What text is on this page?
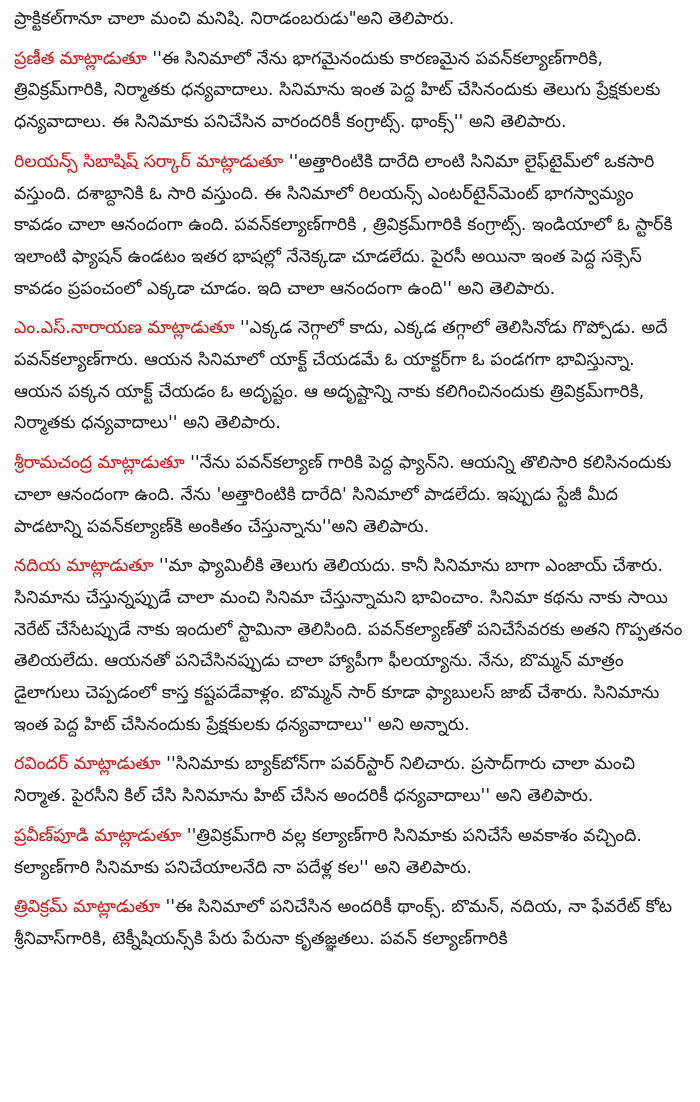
ప్రాక్టికల్‌గానూ చాలా మంచి మనిషి. నిరాడంబరుడు"అని తెలిపారు.

ప్రణీత మాట్లాడుతూ ''ఈ సినిమాలో నేను భాగమైనందుకు కారణమైన పవన్‌కల్యాణ్‌గారికి, త్రివిక్రమ్‌గారికి, నిర్మాతకు ధన్యవాదాలు. సినిమాను ఇంత పెద్ద హిట్ చేసినందుకు తెలుగు ప్రేక్షకులకు ధన్యవాదాలు. ఈ సినిమాకు పనిచేసిన వారందరికీ కంగ్రాట్స్. థాంక్స్'' అని తెలిపారు.

రిలయన్స్ సిబాషిష్ సర్కార్ మాట్లాడుతూ ''అత్తారింటికి దారేది లాంటి సినిమా లైఫ్‌టైమ్‌లో ఒకసారి వస్తుంది. దశాబ్దానికి ఓ సారి వస్తుంది. ఈ సినిమాలో రిలయన్స్ ఎంటర్‌టైన్‌మెంట్ భాగస్వామ్యం కావడం చాలా ఆనందంగా ఉంది. పవన్‌కల్యాణ్‌గారికి , త్రివిక్రమ్‌గారికి కంగ్రాట్స్. ఇండియాలో ఓ స్టార్‌కి ఇలాంటి ఫ్యాషన్ ఉండటం ఇతర భాషల్లో నేనెక్కడా చూడలేదు. పైరసీ అయినా ఇంత పెద్ద సక్సెస్ కావడం ప్రపంచంలో ఎక్కడా చూడం. ఇది చాలా ఆనందంగా ఉంది'' అని తెలిపారు.

ఎం.ఎస్.నారాయణ మాట్లాడుతూ ''ఎక్కడ నెగ్గాలో కాదు, ఎక్కడ తగ్గాలో తెలిసినోడు గొప్పోడు. అదే పవన్‌కల్యాణ్‌గారు. ఆయన సినిమాలో యాక్ట్ చేయడమే ఓ యాక్టర్‌గా ఓ పండగగా భావిస్తున్నా. ఆయన పక్కన యాక్ట్ చేయడం ఓ అదృష్టం. ఆ అదృష్టాన్ని నాకు కలిగించినందుకు త్రివిక్రమ్‌గారికి, నిర్మాతకు ధన్యవాదాలు'' అని తెలిపారు.

శ్రీరామచంద్ర మాట్లాడుతూ ''నేను పవన్‌కల్యాణ్ గారికి పెద్ద ఫ్యాన్‌ని. ఆయన్ని తొలిసారి కలిసినందుకు చాలా ఆనందంగా ఉంది. నేను 'అత్తారింటికి దారేది' సినిమాలో పాడలేదు. ఇప్పుడు స్టేజీ మీద పాడటాన్ని పవన్‌కల్యాణ్‌కి అంకితం చేస్తున్నాను''అని తెలిపారు.

నదియ మాట్లాడుతూ ''మా ఫ్యామిలీకి తెలుగు తెలియదు. కానీ సినిమాను బాగా ఎంజాయ్ చేశారు. సినిమాను చేస్తున్నప్పుడే చాలా మంచి సినిమా చేస్తున్నామని భావించాం. సినిమా కథను నాకు సాయి నెరేట్ చేసేటప్పుడే నాకు ఇందులో స్టామినా తెలిసింది. పవన్‌కల్యాణ్‌తో పనిచేసేవరకు అతని గొప్పతనం తెలియలేదు. ఆయనతో పనిచేసినప్పుడు చాలా హ్యాపీగా ఫీలయ్యాను. నేను, బొమ్మన్ మాత్రం డైలాగులు చెప్పడంలో కాస్త కష్టపడేవాళ్లం. బొమ్మన్ సార్ కూడా ఫ్యాబులస్ జాబ్ చేశారు. సినిమాను ఇంత పెద్ద హిట్ చేసినందుకు ప్రేక్షకులకు ధన్యవాదాలు'' అని అన్నారు.

రవిందర్ మాట్లాడుతూ ''సినిమాకు బ్యాక్‌బోన్‌గా పవర్‌స్టార్ నిలిచారు. ప్రసాద్‌గారు చాలా మంచి నిర్మాత. పైరసీని కిల్ చేసి సినిమాను హిట్ చేసిన అందరికీ ధన్యవాదాలు'' అని తెలిపారు.

ప్రవీణ్‌పూడి మాట్లాడుతూ ''త్రివిక్రమ్‌గారి వల్ల కల్యాణ్‌గారి సినిమాకు పనిచేసే అవకాశం వచ్చింది. కల్యాణ్‌గారి సినిమాకు పనిచేయాలనేది నా పదేళ్ల కల'' అని తెలిపారు.

త్రివిక్రమ్ మాట్లాడుతూ ''ఈ సినిమాలో పనిచేసిన అందరికీ థాంక్స్. బొమన్, నదియ, నా ఫేవరేట్ కోట శ్రీనివాస్‌గారికి, టెక్నీషియన్స్‌కి పేరు పేరునా కృతజ్ఞతలు. పవన్ కల్యాణ్‌గారికి
